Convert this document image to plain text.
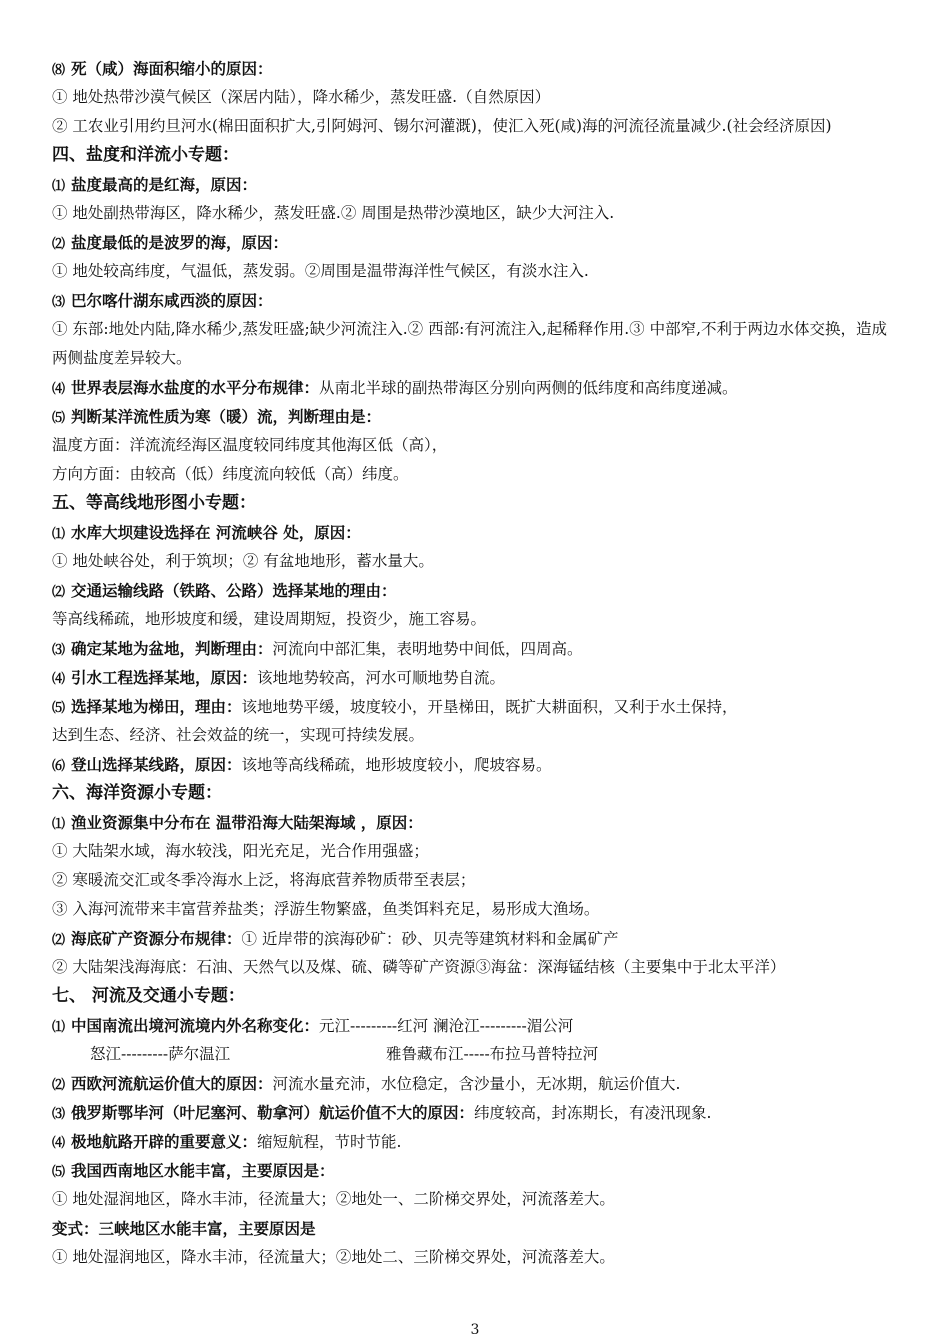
⑻ 死（咸）海面积缩小的原因：
① 地处热带沙漠气候区（深居内陆），降水稀少，蒸发旺盛.（自然原因）
② 工农业引用约旦河水(棉田面积扩大,引阿姆河、锡尔河灌溉)，使汇入死(咸)海的河流径流量减少.(社会经济原因)
四、盐度和洋流小专题：
⑴ 盐度最高的是红海，原因：
① 地处副热带海区，降水稀少，蒸发旺盛.② 周围是热带沙漠地区，缺少大河注入.
⑵ 盐度最低的是波罗的海，原因：
① 地处较高纬度，气温低，蒸发弱。②周围是温带海洋性气候区，有淡水注入.
⑶ 巴尔喀什湖东咸西淡的原因：
① 东部:地处内陆,降水稀少,蒸发旺盛;缺少河流注入.② 西部:有河流注入,起稀释作用.③ 中部窄,不利于两边水体交换，造成两侧盐度差异较大。
⑷ 世界表层海水盐度的水平分布规律：从南北半球的副热带海区分别向两侧的低纬度和高纬度递减。
⑸ 判断某洋流性质为寒（暖）流，判断理由是：
温度方面：洋流流经海区温度较同纬度其他海区低（高），
方向方面：由较高（低）纬度流向较低（高）纬度。
五、等高线地形图小专题：
⑴ 水库大坝建设选择在 河流峡谷 处，原因：
① 地处峡谷处，利于筑坝；② 有盆地地形，蓄水量大。
⑵ 交通运输线路（铁路、公路）选择某地的理由：
等高线稀疏，地形坡度和缓，建设周期短，投资少，施工容易。
⑶ 确定某地为盆地，判断理由：河流向中部汇集，表明地势中间低，四周高。
⑷ 引水工程选择某地，原因：该地地势较高，河水可顺地势自流。
⑸ 选择某地为梯田，理由：该地地势平缓，坡度较小，开垦梯田，既扩大耕面积，又利于水土保持，
达到生态、经济、社会效益的统一，实现可持续发展。
⑹ 登山选择某线路，原因：该地等高线稀疏，地形坡度较小，爬坡容易。
六、海洋资源小专题：
⑴ 渔业资源集中分布在 温带沿海大陆架海域 ，原因：
① 大陆架水域，海水较浅，阳光充足，光合作用强盛；
② 寒暖流交汇或冬季冷海水上泛，将海底营养物质带至表层；
③ 入海河流带来丰富营养盐类；浮游生物繁盛，鱼类饵料充足，易形成大渔场。
⑵ 海底矿产资源分布规律：① 近岸带的滨海砂矿：砂、贝壳等建筑材料和金属矿产
② 大陆架浅海海底：石油、天然气以及煤、硫、磷等矿产资源③海盆：深海锰结核（主要集中于北太平洋）
七、 河流及交通小专题：
⑴ 中国南流出境河流境内外名称变化：元江---------红河 澜沧江---------湄公河
怒江---------萨尔温江	雅鲁藏布江-----布拉马普特拉河
⑵ 西欧河流航运价值大的原因：河流水量充沛，水位稳定，含沙量小，无冰期，航运价值大.
⑶ 俄罗斯鄂毕河（叶尼塞河、勒拿河）航运价值不大的原因：纬度较高，封冻期长，有凌汛现象.
⑷ 极地航路开辟的重要意义：缩短航程，节时节能.
⑸ 我国西南地区水能丰富，主要原因是：
① 地处湿润地区，降水丰沛，径流量大；②地处一、二阶梯交界处，河流落差大。
变式：三峡地区水能丰富，主要原因是
① 地处湿润地区，降水丰沛，径流量大；②地处二、三阶梯交界处，河流落差大。
3
